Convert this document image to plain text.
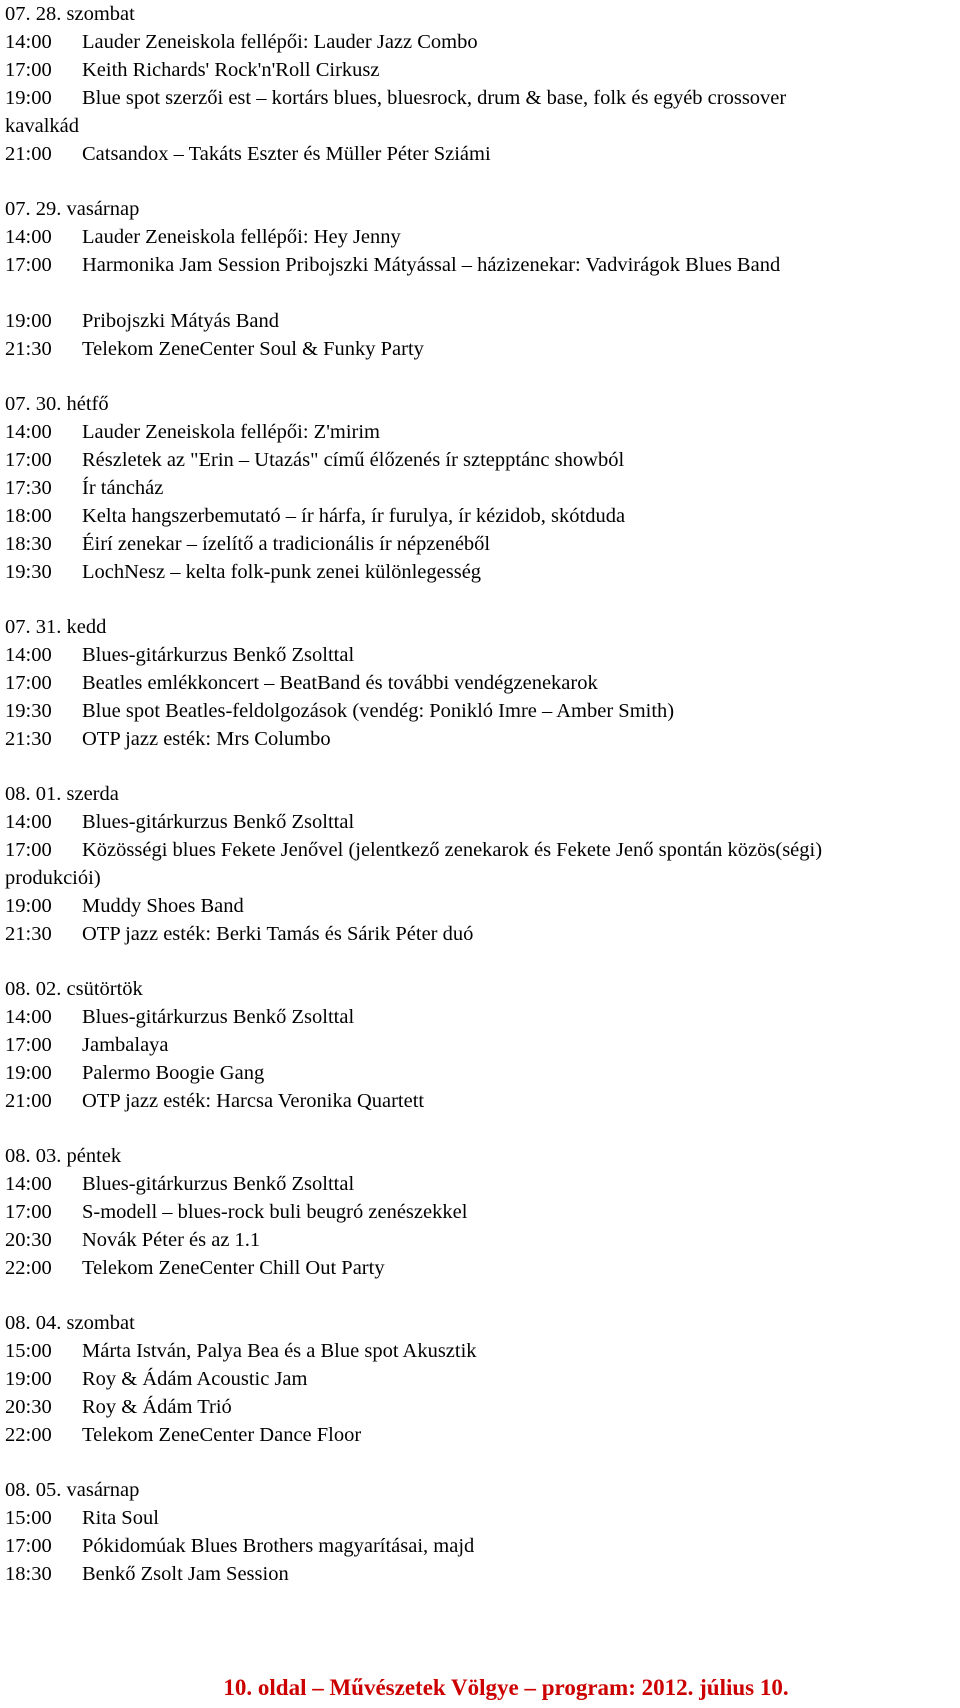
07. 28. szombat
14:00 Lauder Zeneiskola fellépői: Lauder Jazz Combo
17:00 Keith Richards' Rock'n'Roll Cirkusz
19:00 Blue spot szerzői est – kortárs blues, bluesrock, drum & base, folk és egyéb crossover
kavalkád
21:00 Catsandox – Takáts Eszter és Müller Péter Sziámi
07. 29. vasárnap
14:00 Lauder Zeneiskola fellépői: Hey Jenny
17:00 Harmonika Jam Session Pribojszki Mátyással – házizenekar: Vadvirágok Blues Band
19:00 Pribojszki Mátyás Band
21:30 Telekom ZeneCenter Soul & Funky Party
07. 30. hétfő
14:00 Lauder Zeneiskola fellépői: Z'mirim
17:00 Részletek az "Erin – Utazás" című élőzenés ír sztepptánc showból
17:30 Ír táncház
18:00 Kelta hangszerbemutató – ír hárfa, ír furulya, ír kézidob, skótduda
18:30 Éirí zenekar – ízelítő a tradicionális ír népzenéből
19:30 LochNesz – kelta folk-punk zenei különlegesség
07. 31. kedd
14:00 Blues-gitárkurzus Benkő Zsolttal
17:00 Beatles emlékkoncert – BeatBand és további vendégzenekarok
19:30 Blue spot Beatles-feldolgozások (vendég: Ponikló Imre – Amber Smith)
21:30 OTP jazz esték: Mrs Columbo
08. 01. szerda
14:00 Blues-gitárkurzus Benkő Zsolttal
17:00 Közösségi blues Fekete Jenővel (jelentkező zenekarok és Fekete Jenő spontán közös(ségi)
produkciói)
19:00 Muddy Shoes Band
21:30 OTP jazz esték: Berki Tamás és Sárik Péter duó
08. 02. csütörtök
14:00 Blues-gitárkurzus Benkő Zsolttal
17:00 Jambalaya
19:00 Palermo Boogie Gang
21:00 OTP jazz esték: Harcsa Veronika Quartett
08. 03. péntek
14:00 Blues-gitárkurzus Benkő Zsolttal
17:00 S-modell – blues-rock buli beugró zenészekkel
20:30 Novák Péter és az 1.1
22:00 Telekom ZeneCenter Chill Out Party
08. 04. szombat
15:00 Márta István, Palya Bea és a Blue spot Akusztik
19:00 Roy & Ádám Acoustic Jam
20:30 Roy & Ádám Trió
22:00 Telekom ZeneCenter Dance Floor
08. 05. vasárnap
15:00 Rita Soul
17:00 Pókidomúak Blues Brothers magyarításai, majd
18:30 Benkő Zsolt Jam Session
10. oldal – Művészetek Völgye – program: 2012. július 10.
